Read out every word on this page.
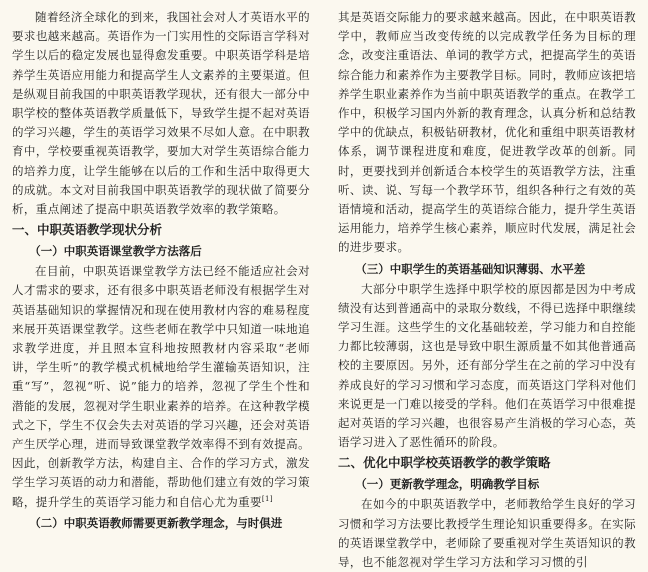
随着经济全球化的到来，我国社会对人才英语水平的要求也越来越高。英语作为一门实用性的交际语言学科对学生以后的稳定发展也显得愈发重要。中职英语学科是培养学生英语应用能力和提高学生人文素养的主要渠道。但是纵观目前我国的中职英语教学现状，还有很大一部分中职学校的整体英语教学质量低下，导致学生提不起对英语的学习兴趣，学生的英语学习效果不尽如人意。在中职教育中，学校要重视英语教学，要加大对学生英语综合能力的培养力度，让学生能够在以后的工作和生活中取得更大的成就。本文对目前我国中职英语教学的现状做了简要分析，重点阐述了提高中职英语教学效率的教学策略。

一、中职英语教学现状分析
（一）中职英语课堂教学方法落后

在目前，中职英语课堂教学方法已经不能适应社会对人才需求的要求，还有很多中职英语老师没有根据学生对英语基础知识的掌握情况和现在使用教材内容的难易程度来展开英语课堂教学。这些老师在教学中只知道一味地追求教学进度，并且照本宣科地按照教材内容采取“老师讲，学生听”的教学模式机械地给学生灌输英语知识，注重“写”，忽视“听、说”能力的培养，忽视了学生个性和潜能的发展，忽视对学生职业素养的培养。在这种教学模式之下，学生不仅会失去对英语的学习兴趣，还会对英语产生厌学心理，进而导致课堂教学效率得不到有效提高。因此，创新教学方法，构建自主、合作的学习方式，激发学生学习英语的动力和潜能，帮助他们建立有效的学习策略，提升学生的英语学习能力和自信心尤为重要[1]

（二）中职英语教师需要更新教学理念，与时俱进

其是英语交际能力的要求越来越高。因此，在中职英语教学中，教师应当改变传统的以完成教学任务为目标的理念，改变注重语法、单词的教学方式，把提高学生的英语综合能力和素养作为主要教学目标。同时，教师应该把培养学生职业素养作为当前中职英语教学的重点。在教学工作中，积极学习国内外新的教育理念，认真分析和总结教学中的优缺点，积极钻研教材，优化和重组中职英语教材体系，调节课程进度和难度，促进教学改革的创新。同时，更要找到并创新适合本校学生的英语教学方法，注重听、读、说、写每一个教学环节，组织各种行之有效的英语情境和活动，提高学生的英语综合能力，提升学生英语运用能力，培养学生核心素养，顺应时代发展，满足社会的进步要求。

（三）中职学生的英语基础知识薄弱、水平差

大部分中职学生选择中职学校的原因都是因为中考成绩没有达到普通高中的录取分数线，不得已选择中职继续学习生涯。这些学生的文化基础较差，学习能力和自控能力都比较薄弱，这也是导致中职生源质量不如其他普通高校的主要原因。另外，还有部分学生在之前的学习中没有养成良好的学习习惯和学习态度，而英语这门学科对他们来说更是一门难以接受的学科。他们在英语学习中很难提起对英语的学习兴趣，也很容易产生消极的学习心态，英语学习进入了恶性循环的阶段。

二、优化中职学校英语教学的教学策略
（一）更新教学理念，明确教学目标

在如今的中职英语教学中，老师教给学生良好的学习习惯和学习方法要比教授学生理论知识重要得多。在实际的英语课堂教学中，老师除了要重视对学生英语知识的教导，也不能忽视对学生学习方法和学习习惯的引
